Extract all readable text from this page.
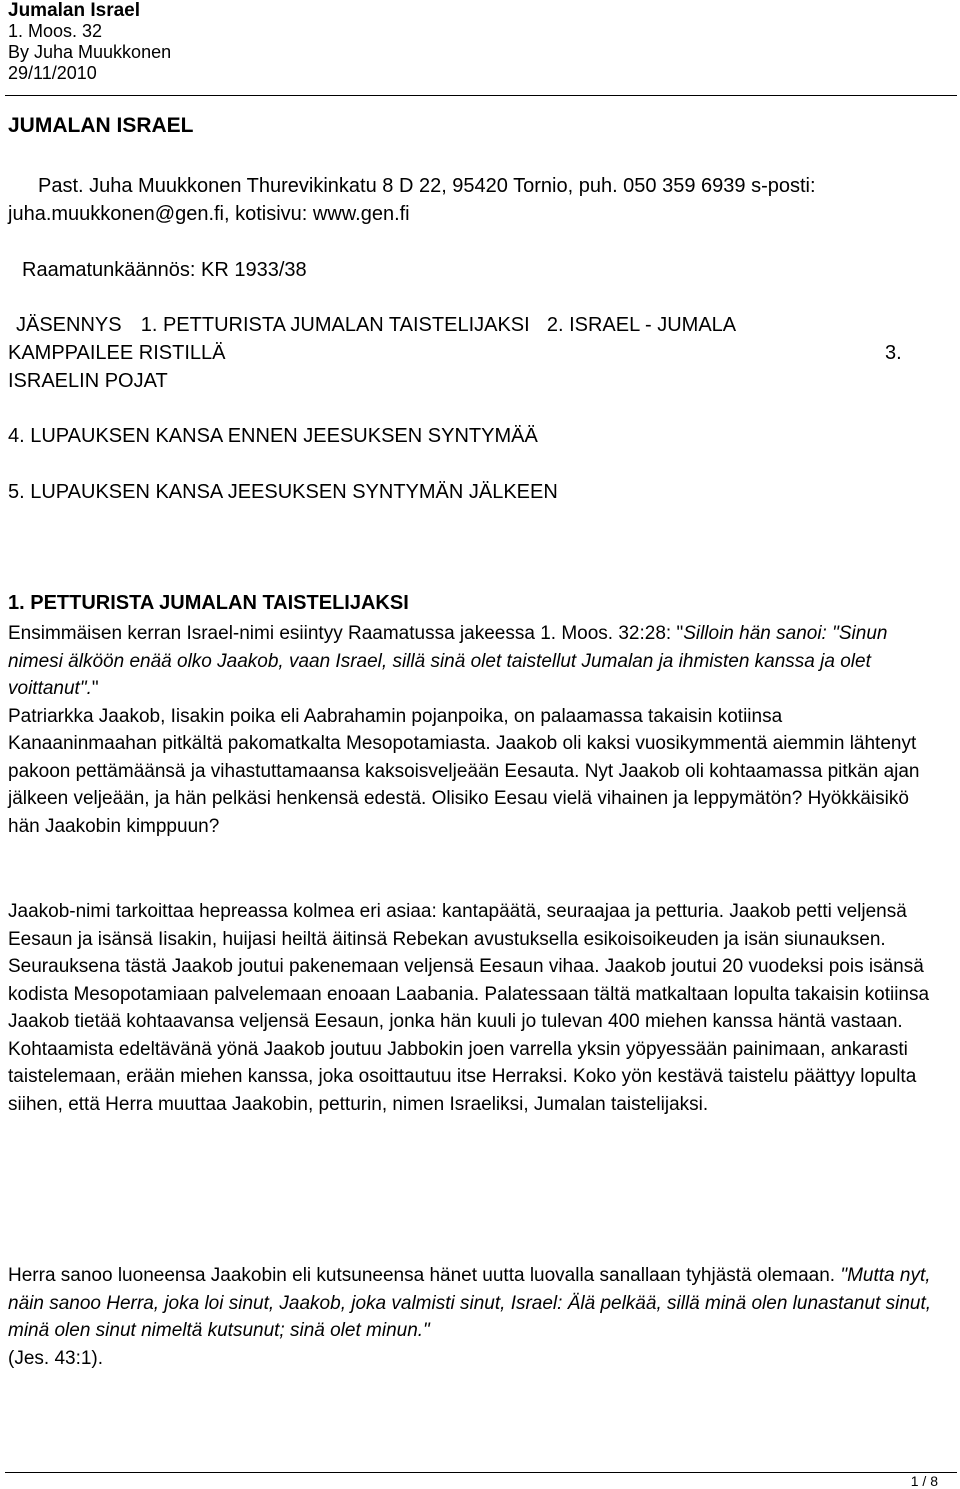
Jumalan Israel
1. Moos. 32
By Juha Muukkonen
29/11/2010
JUMALAN ISRAEL
Past. Juha Muukkonen Thurevikinkatu 8 D 22, 95420 Tornio, puh. 050 359 6939 s-posti:
juha.muukkonen@gen.fi, kotisivu: www.gen.fi
Raamatunkäännös: KR 1933/38
JÄSENNYS 1. PETTURISTA JUMALAN TAISTELIJAKSI 2. ISRAEL - JUMALA
KAMPPAILEE RISTILLÄ	3.
ISRAELIN POJAT
4. LUPAUKSEN KANSA ENNEN JEESUKSEN SYNTYMÄÄ
5. LUPAUKSEN KANSA JEESUKSEN SYNTYMÄN JÄLKEEN
1. PETTURISTA JUMALAN TAISTELIJAKSI

Ensimmäisen kerran Israel-nimi esiintyy Raamatussa jakeessa 1. Moos. 32:28: "Silloin hän sanoi: "Sinun nimesi älköön enää olko Jaakob, vaan Israel, sillä sinä olet taistellut Jumalan ja ihmisten kanssa ja olet voittanut"."
Patriarkka Jaakob, Iisakin poika eli Aabrahamin pojanpoika, on palaamassa takaisin kotiinsa Kanaaninmaahan pitkältä pakomatkalta Mesopotamiasta. Jaakob oli kaksi vuosikymmentä aiemmin lähtenyt pakoon pettämäänsä ja vihastuttamaansa kaksoisveljeään Eesauta. Nyt Jaakob oli kohtaamassa pitkän ajan jälkeen veljeään, ja hän pelkäsi henkensä edestä. Olisiko Eesau vielä vihainen ja leppymätön? Hyökkäisikö hän Jaakobin kimppuun?

Jaakob-nimi tarkoittaa hepreassa kolmea eri asiaa: kantapäätä, seuraajaa ja petturia. Jaakob petti veljensä Eesaun ja isänsä Iisakin, huijasi heiltä äitinsä Rebekan avustuksella esikoisoikeuden ja isän siunauksen. Seurauksena tästä Jaakob joutui pakenemaan veljensä Eesaun vihaa. Jaakob joutui 20 vuodeksi pois isänsä kodista Mesopotamiaan palvelemaan enoaan Laabania. Palatessaan tältä matkaltaan lopulta takaisin kotiinsa Jaakob tietää kohtaavansa veljensä Eesaun, jonka hän kuuli jo tulevan 400 miehen kanssa häntä vastaan. Kohtaamista edeltävänä yönä Jaakob joutuu Jabbokin joen varrella yksin yöpyessään painimaan, ankarasti taistelemaan, erään miehen kanssa, joka osoittautuu itse Herraksi. Koko yön kestävä taistelu päättyy lopulta siihen, että Herra muuttaa Jaakobin, petturin, nimen Israeliksi, Jumalan taistelijaksi.

Herra sanoo luoneensa Jaakobin eli kutsuneensa hänet uutta luovalla sanallaan tyhjästä olemaan. "Mutta nyt, näin sanoo Herra, joka loi sinut, Jaakob, joka valmisti sinut, Israel: Älä pelkää, sillä minä olen lunastanut sinut, minä olen sinut nimeltä kutsunut; sinä olet minun."
(Jes. 43:1).

1 / 8
